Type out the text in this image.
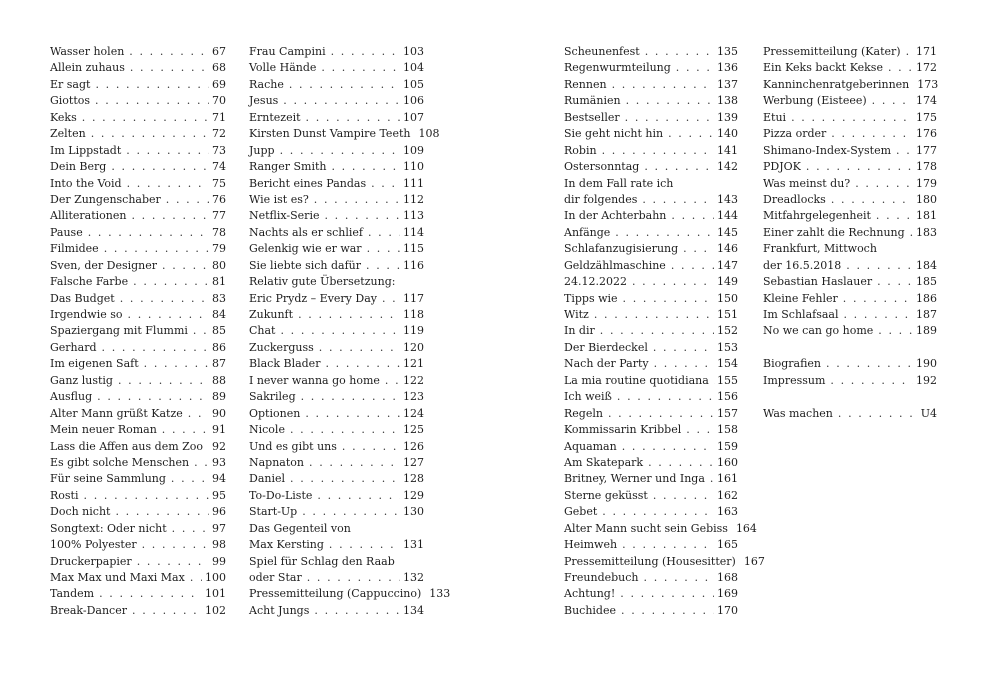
Wasser holen . . .	67
Allein zuhaus . . .	68
Er sagt . . .	69
Giottos . . .	70
Keks . . .	71
Zelten . . .	72
Im Lippstadt . . .	73
Dein Berg . . .	74
Into the Void . . .	75
Der Zungenschaber . . .	76
Alliterationen . . .	77
Pause . . .	78
Filmidee . . .	79
Sven, der Designer . . .	80
Falsche Farbe . . .	81
Das Budget . . .	83
Irgendwie so . . .	84
Spaziergang mit Flummi . . .	85
Gerhard . . .	86
Im eigenen Saft . . .	87
Ganz lustig . . .	88
Ausflug . . .	89
Alter Mann grüßt Katze . . .	90
Mein neuer Roman . . .	91
Lass die Affen aus dem Zoo . . . 92
Es gibt solche Menschen . . .	93
Für seine Sammlung . . .	94
Rosti . . .	95
Doch nicht . . .	96
Songtext: Oder nicht . . .	97
100% Polyester . . .	98
Druckerpapier . . .	99
Max Max und Maxi Max . . .	100
Tandem . . .	101
Break-Dancer . . .	102
Frau Campini . . .	103
Volle Hände . . .	104
Rache . . .	105
Jesus . . .	106
Erntezeit . . .	107
Kirsten Dunst Vampire Teeth 108
Jupp . . .	109
Ranger Smith . . .	110
Bericht eines Pandas . . .	111
Wie ist es? . . .	112
Netflix-Serie . . .	113
Nachts als er schlief . . .	114
Gelenkig wie er war . . .	115
Sie liebte sich dafür . . .	116
Relativ gute Übersetzung:
Eric Prydz – Every Day . . .	117
Zukunft . . .	118
Chat . . .	119
Zuckerguss . . .	120
Black Blader . . .	121
I never wanna go home . . .	122
Sakrileg . . .	123
Optionen . . .	124
Nicole . . .	125
Und es gibt uns . . .	126
Napnaton . . .	127
Daniel . . .	128
To-Do-Liste . . .	129
Start-Up . . .	130
Das Gegenteil von
Max Kersting . . .	131
Spiel für Schlag den Raab
oder Star . . .	132
Pressemitteilung (Cappuccino) 133
Acht Jungs . . .	134
Scheunenfest . . .	135
Regenwurmteilung . . .	136
Rennen . . .	137
Rumänien . . .	138
Bestseller . . .	139
Sie geht nicht hin . . .	140
Robin . . .	141
Ostersonntag . . .	142
In dem Fall rate ich
dir folgendes . . .	143
In der Achterbahn . . .	144
Anfänge . . .	145
Schlafanzugisierung . . .	146
Geldzählmaschine . . .	147
24.12.2022 . . .	149
Tipps wie . . .	150
Witz . . .	151
In dir . . .	152
Der Bierdeckel . . .	153
Nach der Party . . .	154
La mia routine quotidiana . . . 155
Ich weiß . . .	156
Regeln . . .	157
Kommissarin Kribbel . . .	158
Aquaman . . .	159
Am Skatepark . . .	160
Britney, Werner und Inga . . .	161
Sterne geküsst . . .	162
Gebet . . .	163
Alter Mann sucht sein Gebiss 164
Heimweh . . .	165
Pressemitteilung (Housesitter) 167
Freundebuch . . .	168
Achtung! . . .	169
Buchidee . . .	170
Pressemitteilung (Kater) . . .	171
Ein Keks backt Kekse . . .	172
Kanninchenratgeberinnen 173
Werbung (Eisteee) . . .	174
Etui . . .	175
Pizza order . . .	176
Shimano-Index-System . . .	177
PDJOK . . .	178
Was meinst du? . . .	179
Dreadlocks . . .	180
Mitfahrgelegenheit . . .	181
Einer zahlt die Rechnung . . .	183
Frankfurt, Mittwoch
der 16.5.2018 . . .	184
Sebastian Haslauer . . .	185
Kleine Fehler . . .	186
Im Schlafsaal . . .	187
No we can go home . . .	189
Biografien . . .	190
Impressum . . .	192
Was machen . . .	U4
